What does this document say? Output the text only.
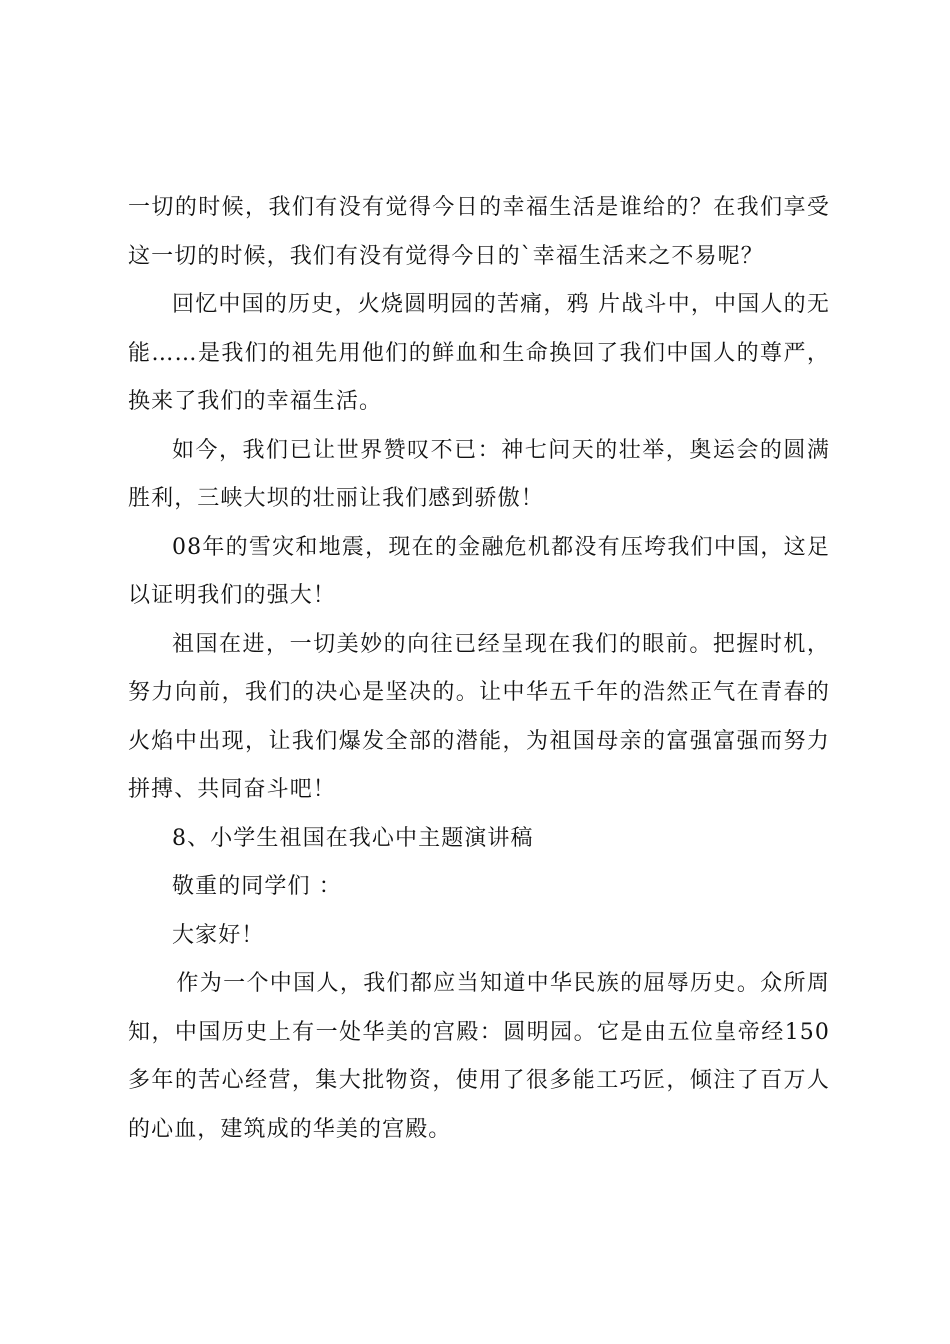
一切的时候，我们有没有觉得今日的幸福生活是谁给的？在我们享受这一切的时候，我们有没有觉得今日的`幸福生活来之不易呢？

回忆中国的历史，火烧圆明园的苦痛，鸦 片战斗中，中国人的无能……是我们的祖先用他们的鲜血和生命换回了我们中国人的尊严，换来了我们的幸福生活。

如今，我们已让世界赞叹不已：神七问天的壮举，奥运会的圆满胜利，三峡大坝的壮丽让我们感到骄傲！

08年的雪灾和地震，现在的金融危机都没有压垮我们中国，这足以证明我们的强大！

祖国在进，一切美妙的向往已经呈现在我们的眼前。把握时机，努力向前，我们的决心是坚决的。让中华五千年的浩然正气在青春的火焰中出现，让我们爆发全部的潜能，为祖国母亲的富强富强而努力拼搏、共同奋斗吧！

8、小学生祖国在我心中主题演讲稿

敬重的同学们 ：

大家好！

作为一个中国人，我们都应当知道中华民族的屈辱历史。众所周知，中国历史上有一处华美的宫殿：圆明园。它是由五位皇帝经150多年的苦心经营，集大批物资，使用了很多能工巧匠，倾注了百万人的心血，建筑成的华美的宫殿。
